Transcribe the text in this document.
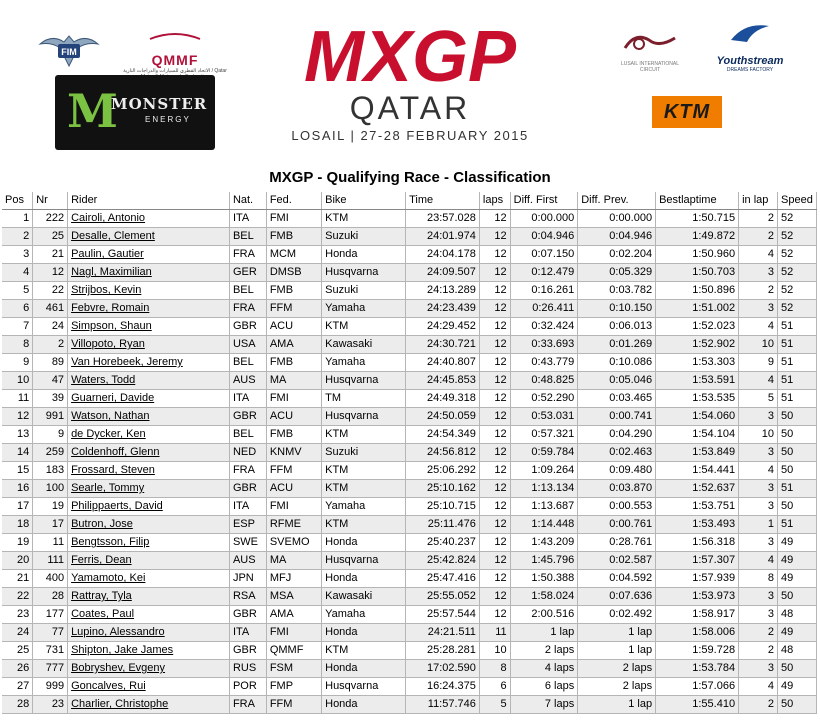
FIM	QMMF
الاتحاد القطري للسيارات والدراجات النارية / Qatar
M
MONSTER
ENERGY
MXGP
QATAR
LOSAIL | 27-28 FEBRUARY 2015
LUSAIL INTERNATIONAL CIRCUIT
Youthstream
DREAMS FACTORY
KTM
MXGP - Qualifying Race - Classification
Pos	Nr	Rider	Nat.	Fed.	Bike	Time	laps	Diff. First	Diff. Prev.	Bestlaptime	in lap	Speed
1	222	Cairoli, Antonio	ITA	FMI	KTM	23:57.028	12	0:00.000	0:00.000	1:50.715	2	52
2	25	Desalle, Clement	BEL	FMB	Suzuki	24:01.974	12	0:04.946	0:04.946	1:49.872	2	52
3	21	Paulin, Gautier	FRA	MCM	Honda	24:04.178	12	0:07.150	0:02.204	1:50.960	4	52
4	12	Nagl, Maximilian	GER	DMSB	Husqvarna	24:09.507	12	0:12.479	0:05.329	1:50.703	3	52
5	22	Strijbos, Kevin	BEL	FMB	Suzuki	24:13.289	12	0:16.261	0:03.782	1:50.896	2	52
6	461	Febvre, Romain	FRA	FFM	Yamaha	24:23.439	12	0:26.411	0:10.150	1:51.002	3	52
7	24	Simpson, Shaun	GBR	ACU	KTM	24:29.452	12	0:32.424	0:06.013	1:52.023	4	51
8	2	Villopoto, Ryan	USA	AMA	Kawasaki	24:30.721	12	0:33.693	0:01.269	1:52.902	10	51
9	89	Van Horebeek, Jeremy	BEL	FMB	Yamaha	24:40.807	12	0:43.779	0:10.086	1:53.303	9	51
10	47	Waters, Todd	AUS	MA	Husqvarna	24:45.853	12	0:48.825	0:05.046	1:53.591	4	51
11	39	Guarneri, Davide	ITA	FMI	TM	24:49.318	12	0:52.290	0:03.465	1:53.535	5	51
12	991	Watson, Nathan	GBR	ACU	Husqvarna	24:50.059	12	0:53.031	0:00.741	1:54.060	3	50
13	9	de Dycker, Ken	BEL	FMB	KTM	24:54.349	12	0:57.321	0:04.290	1:54.104	10	50
14	259	Coldenhoff, Glenn	NED	KNMV	Suzuki	24:56.812	12	0:59.784	0:02.463	1:53.849	3	50
15	183	Frossard, Steven	FRA	FFM	KTM	25:06.292	12	1:09.264	0:09.480	1:54.441	4	50
16	100	Searle, Tommy	GBR	ACU	KTM	25:10.162	12	1:13.134	0:03.870	1:52.637	3	51
17	19	Philippaerts, David	ITA	FMI	Yamaha	25:10.715	12	1:13.687	0:00.553	1:53.751	3	50
18	17	Butron, Jose	ESP	RFME	KTM	25:11.476	12	1:14.448	0:00.761	1:53.493	1	51
19	11	Bengtsson, Filip	SWE	SVEMO	Honda	25:40.237	12	1:43.209	0:28.761	1:56.318	3	49
20	111	Ferris, Dean	AUS	MA	Husqvarna	25:42.824	12	1:45.796	0:02.587	1:57.307	4	49
21	400	Yamamoto, Kei	JPN	MFJ	Honda	25:47.416	12	1:50.388	0:04.592	1:57.939	8	49
22	28	Rattray, Tyla	RSA	MSA	Kawasaki	25:55.052	12	1:58.024	0:07.636	1:53.973	3	50
23	177	Coates, Paul	GBR	AMA	Yamaha	25:57.544	12	2:00.516	0:02.492	1:58.917	3	48
24	77	Lupino, Alessandro	ITA	FMI	Honda	24:21.511	11	1 lap	1 lap	1:58.006	2	49
25	731	Shipton, Jake James	GBR	QMMF	KTM	25:28.281	10	2 laps	1 lap	1:59.728	2	48
26	777	Bobryshev, Evgeny	RUS	FSM	Honda	17:02.590	8	4 laps	2 laps	1:53.784	3	50
27	999	Goncalves, Rui	POR	FMP	Husqvarna	16:24.375	6	6 laps	2 laps	1:57.066	4	49
28	23	Charlier, Christophe	FRA	FFM	Honda	11:57.746	5	7 laps	1 lap	1:55.410	2	50
